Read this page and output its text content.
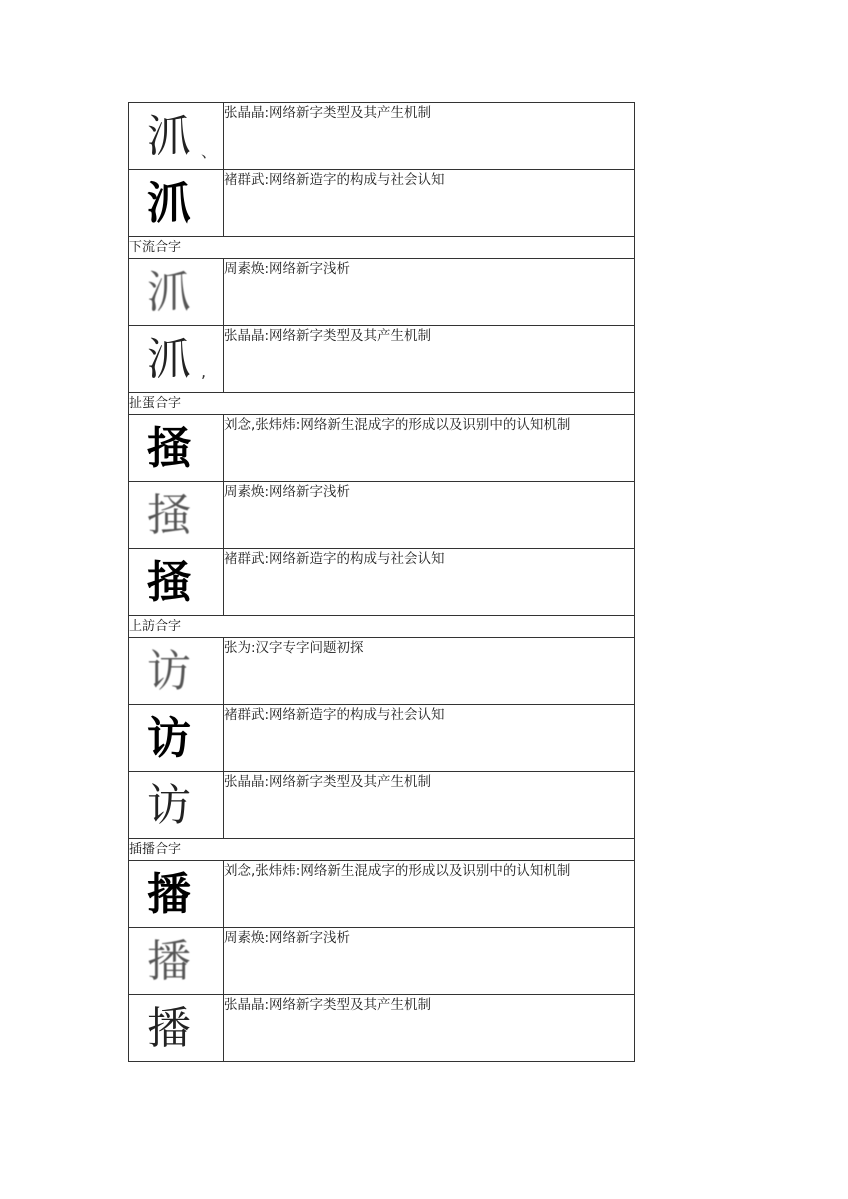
沠 、	张晶晶:网络新字类型及其产生机制

沠	褚群武:网络新造字的构成与社会认知
下流合字	

沠	周素焕:网络新字浅析

沠 ,	张晶晶:网络新字类型及其产生机制
扯蛋合字	

掻	刘念,张炜炜:网络新生混成字的形成以及识别中的认知机制

掻	周素焕:网络新字浅析

掻	褚群武:网络新造字的构成与社会认知
上訪合字	

访	张为:汉字专字问题初探

访	褚群武:网络新造字的构成与社会认知

访	张晶晶:网络新字类型及其产生机制
插播合字	

播	刘念,张炜炜:网络新生混成字的形成以及识别中的认知机制

播	周素焕:网络新字浅析

播	张晶晶:网络新字类型及其产生机制
